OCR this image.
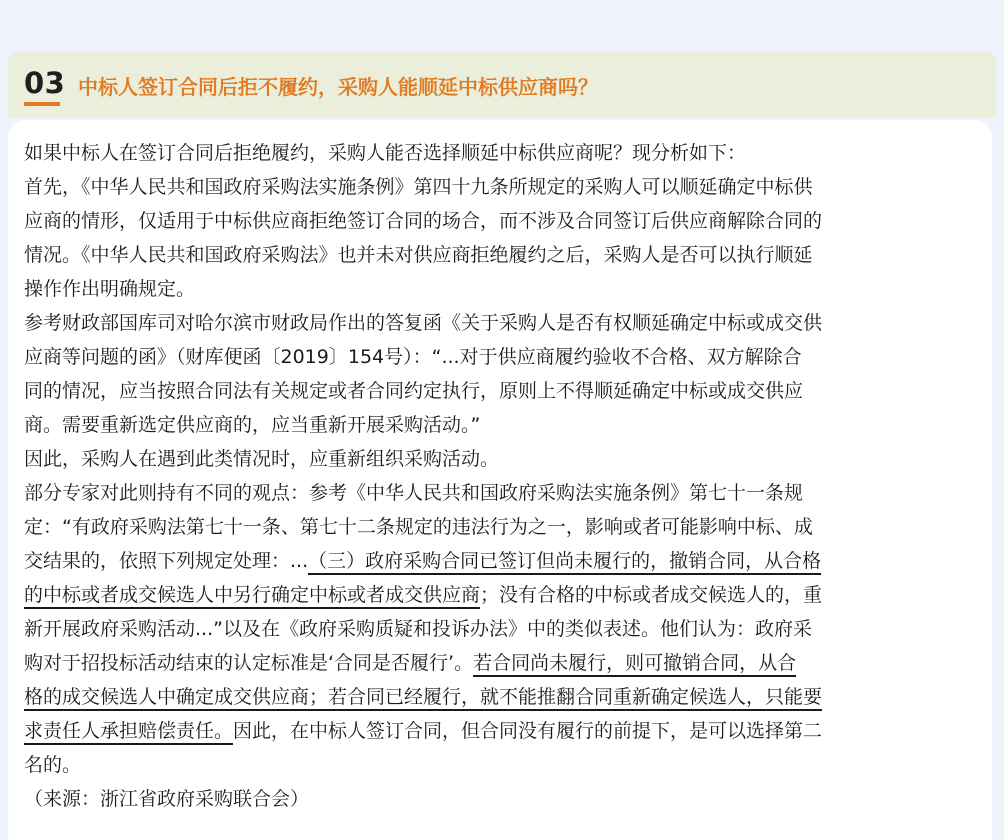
03 中标人签订合同后拒不履约，采购人能顺延中标供应商吗？
如果中标人在签订合同后拒绝履约，采购人能否选择顺延中标供应商呢？现分析如下：
首先，《中华人民共和国政府采购法实施条例》第四十九条所规定的采购人可以顺延确定中标供
应商的情形，仅适用于中标供应商拒绝签订合同的场合，而不涉及合同签订后供应商解除合同的
情况。《中华人民共和国政府采购法》也并未对供应商拒绝履约之后，采购人是否可以执行顺延
操作作出明确规定。
参考财政部国库司对哈尔滨市财政局作出的答复函《关于采购人是否有权顺延确定中标或成交供
应商等问题的函》（财库便函〔2019〕154号）：“...对于供应商履约验收不合格、双方解除合
同的情况，应当按照合同法有关规定或者合同约定执行，原则上不得顺延确定中标或成交供应
商。需要重新选定供应商的，应当重新开展采购活动。”
因此，采购人在遇到此类情况时，应重新组织采购活动。
部分专家对此则持有不同的观点：参考《中华人民共和国政府采购法实施条例》第七十一条规
定：“有政府采购法第七十一条、第七十二条规定的违法行为之一，影响或者可能影响中标、成
交结果的，依照下列规定处理：...（三）政府采购合同已签订但尚未履行的，撤销合同，从合格
的中标或者成交候选人中另行确定中标或者成交供应商；没有合格的中标或者成交候选人的，重
新开展政府采购活动...”以及在《政府采购质疑和投诉办法》中的类似表述。他们认为：政府采
购对于招投标活动结束的认定标准是‘合同是否履行’。若合同尚未履行，则可撤销合同，从合
格的成交候选人中确定成交供应商；若合同已经履行，就不能推翻合同重新确定候选人，只能要
求责任人承担赔偿责任。因此，在中标人签订合同，但合同没有履行的前提下，是可以选择第二
名的。
（来源：浙江省政府采购联合会）
